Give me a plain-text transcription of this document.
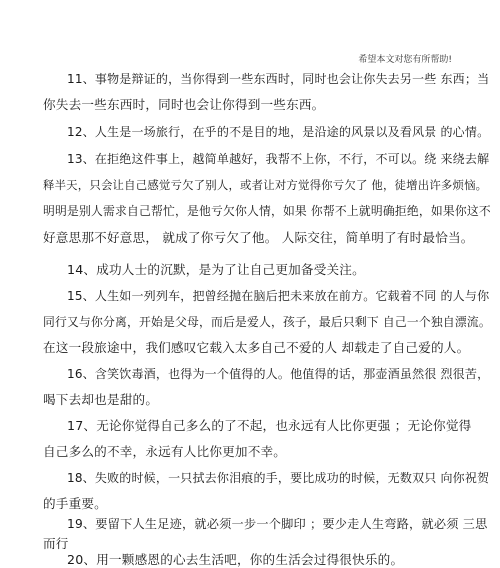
希望本文对您有所帮助!
11、事物是辩证的，当你得到一些东西时，同时也会让你失去另一些 东西；当
你失去一些东西时，同时也会让你得到一些东西。
12、人生是一场旅行，在乎的不是目的地，是沿途的风景以及看风景 的心情。
13、在拒绝这件事上，越简单越好，我帮不上你，不行，不可以。绕 来绕去解
释半天，只会让自己感觉亏欠了别人，或者让对方觉得你亏欠了 他，徒增出许多烦恼。
明明是别人需求自己帮忙，是他亏欠你人情，如果 你帮不上就明确拒绝，如果你这不
好意思那不好意思， 就成了你亏欠了他。 人际交往，简单明了有时最恰当。
14、成功人士的沉默，是为了让自己更加备受关注。
15、人生如一列列车，把曾经抛在脑后把未来放在前方。它载着不同 的人与你
同行又与你分离，开始是父母，而后是爱人，孩子，最后只剩下 自己一个独自漂流。
在这一段旅途中，我们感叹它载入太多自己不爱的人 却载走了自己爱的人。
16、含笑饮毒酒，也得为一个值得的人。他值得的话，那壶酒虽然很 烈很苦，
喝下去却也是甜的。
17、无论你觉得自己多么的了不起，也永远有人比你更强 ；无论你觉得
自己多么的不幸，永远有人比你更加不幸。
18、失败的时候，一只拭去你泪痕的手，要比成功的时候，无数双只 向你祝贺
的手重要。
19、要留下人生足迹，就必须一步一个脚印 ；要少走人生弯路，就必须 三思
而行
20、用一颗感恩的心去生活吧，你的生活会过得很快乐的。
